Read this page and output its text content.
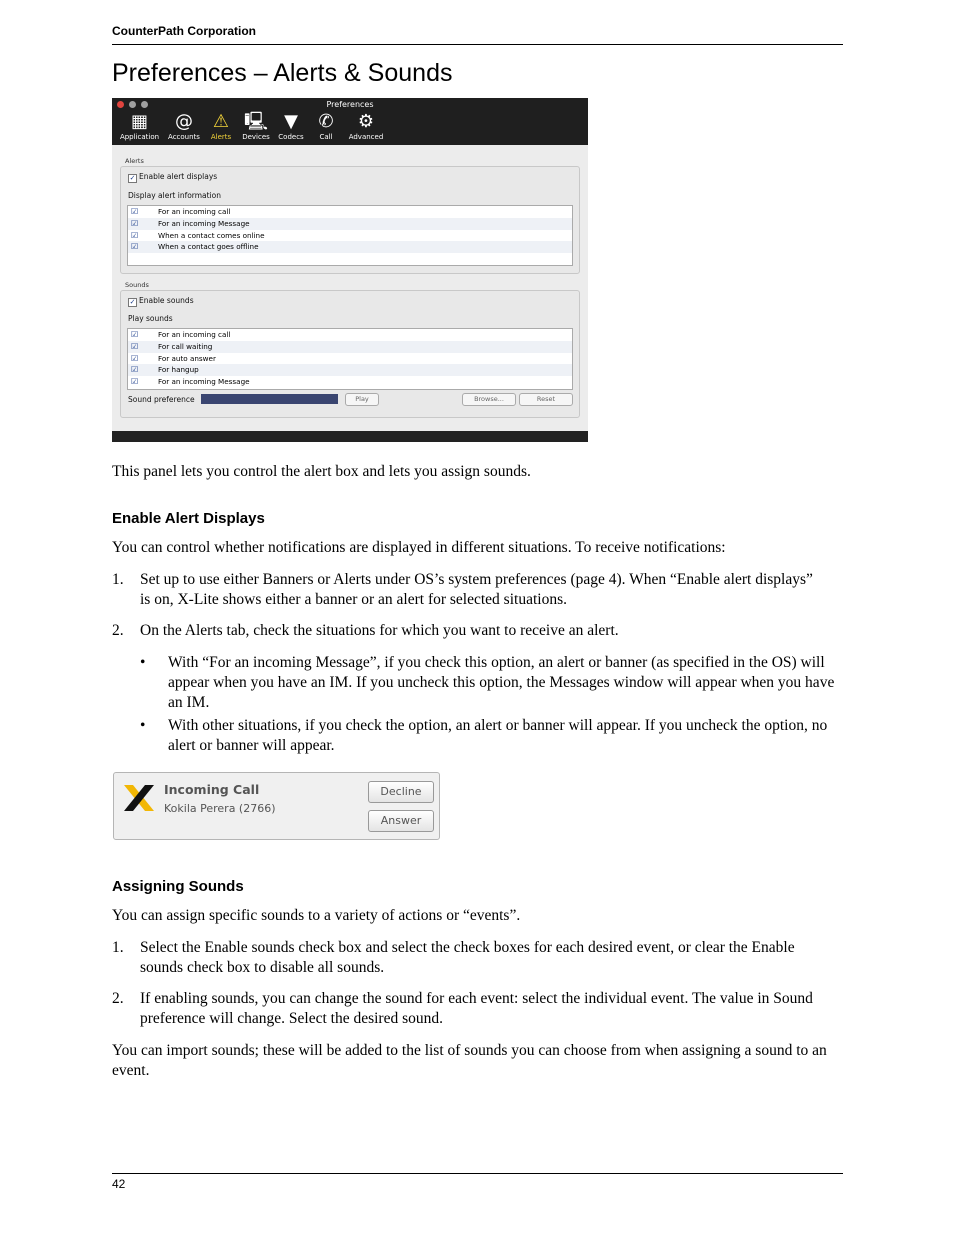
CounterPath Corporation
Preferences – Alerts & Sounds
Preferences
▦
Application
@
Accounts
⚠
Alerts
🖳
Devices
▼
Codecs
✆
Call
⚙
Advanced
Alerts
✓ Enable alert displays
Display alert information
☑	For an incoming call
☑	For an incoming Message
☑	When a contact comes online
☑	When a contact goes offline
Sounds
✓ Enable sounds
Play sounds
☑	For an incoming call
☑	For call waiting
☑	For auto answer
☑	For hangup
☑	For an incoming Message
Sound preference	Play	Browse...	Reset

This panel lets you control the alert box and lets you assign sounds.

Enable Alert Displays

You can control whether notifications are displayed in different situations. To receive notifications:

1. Set up to use either Banners or Alerts under OS’s system preferences (page 4). When “Enable alert displays” is on, X-Lite shows either a banner or an alert for selected situations.
2. On the Alerts tab, check the situations for which you want to receive an alert.
• With “For an incoming Message”, if you check this option, an alert or banner (as specified in the OS) will appear when you have an IM. If you uncheck this option, the Messages window will appear when you have an IM.
• With other situations, if you check the option, an alert or banner will appear. If you uncheck the option, no alert or banner will appear.
Incoming Call
Kokila Perera (2766)
Decline
Answer
Assigning Sounds

You can assign specific sounds to a variety of actions or “events”.

1. Select the Enable sounds check box and select the check boxes for each desired event, or clear the Enable sounds check box to disable all sounds.
2. If enabling sounds, you can change the sound for each event: select the individual event. The value in Sound preference will change. Select the desired sound.

You can import sounds; these will be added to the list of sounds you can choose from when assigning a sound to an event.

42
